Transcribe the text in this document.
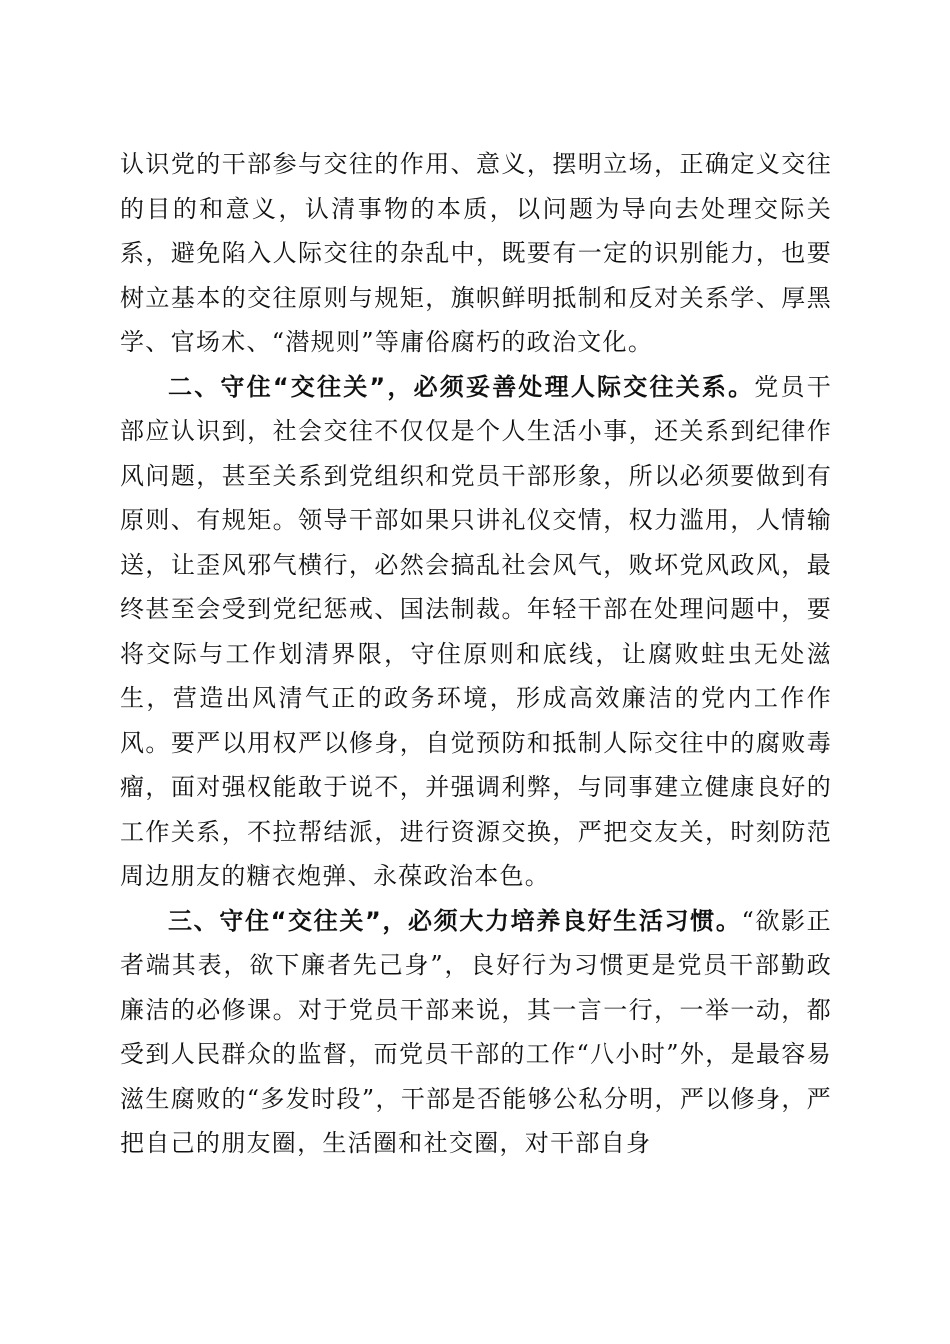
认识党的干部参与交往的作用、意义，摆明立场，正确定义交往的目的和意义，认清事物的本质，以问题为导向去处理交际关系，避免陷入人际交往的杂乱中，既要有一定的识别能力，也要树立基本的交往原则与规矩，旗帜鲜明抵制和反对关系学、厚黑学、官场术、“潜规则”等庸俗腐朽的政治文化。

二、守住“交往关”，必须妥善处理人际交往关系。党员干部应认识到，社会交往不仅仅是个人生活小事，还关系到纪律作风问题，甚至关系到党组织和党员干部形象，所以必须要做到有原则、有规矩。领导干部如果只讲礼仪交情，权力滥用，人情输送，让歪风邪气横行，必然会搞乱社会风气，败坏党风政风，最终甚至会受到党纪惩戒、国法制裁。年轻干部在处理问题中，要将交际与工作划清界限，守住原则和底线，让腐败蛀虫无处滋生，营造出风清气正的政务环境，形成高效廉洁的党内工作作风。要严以用权严以修身，自觉预防和抵制人际交往中的腐败毒瘤，面对强权能敢于说不，并强调利弊，与同事建立健康良好的工作关系，不拉帮结派，进行资源交换，严把交友关，时刻防范周边朋友的糖衣炮弹、永葆政治本色。

三、守住“交往关”，必须大力培养良好生活习惯。“欲影正者端其表，欲下廉者先己身”，良好行为习惯更是党员干部勤政廉洁的必修课。对于党员干部来说，其一言一行，一举一动，都受到人民群众的监督，而党员干部的工作“八小时”外，是最容易滋生腐败的“多发时段”，干部是否能够公私分明，严以修身，严把自己的朋友圈，生活圈和社交圈，对干部自身
